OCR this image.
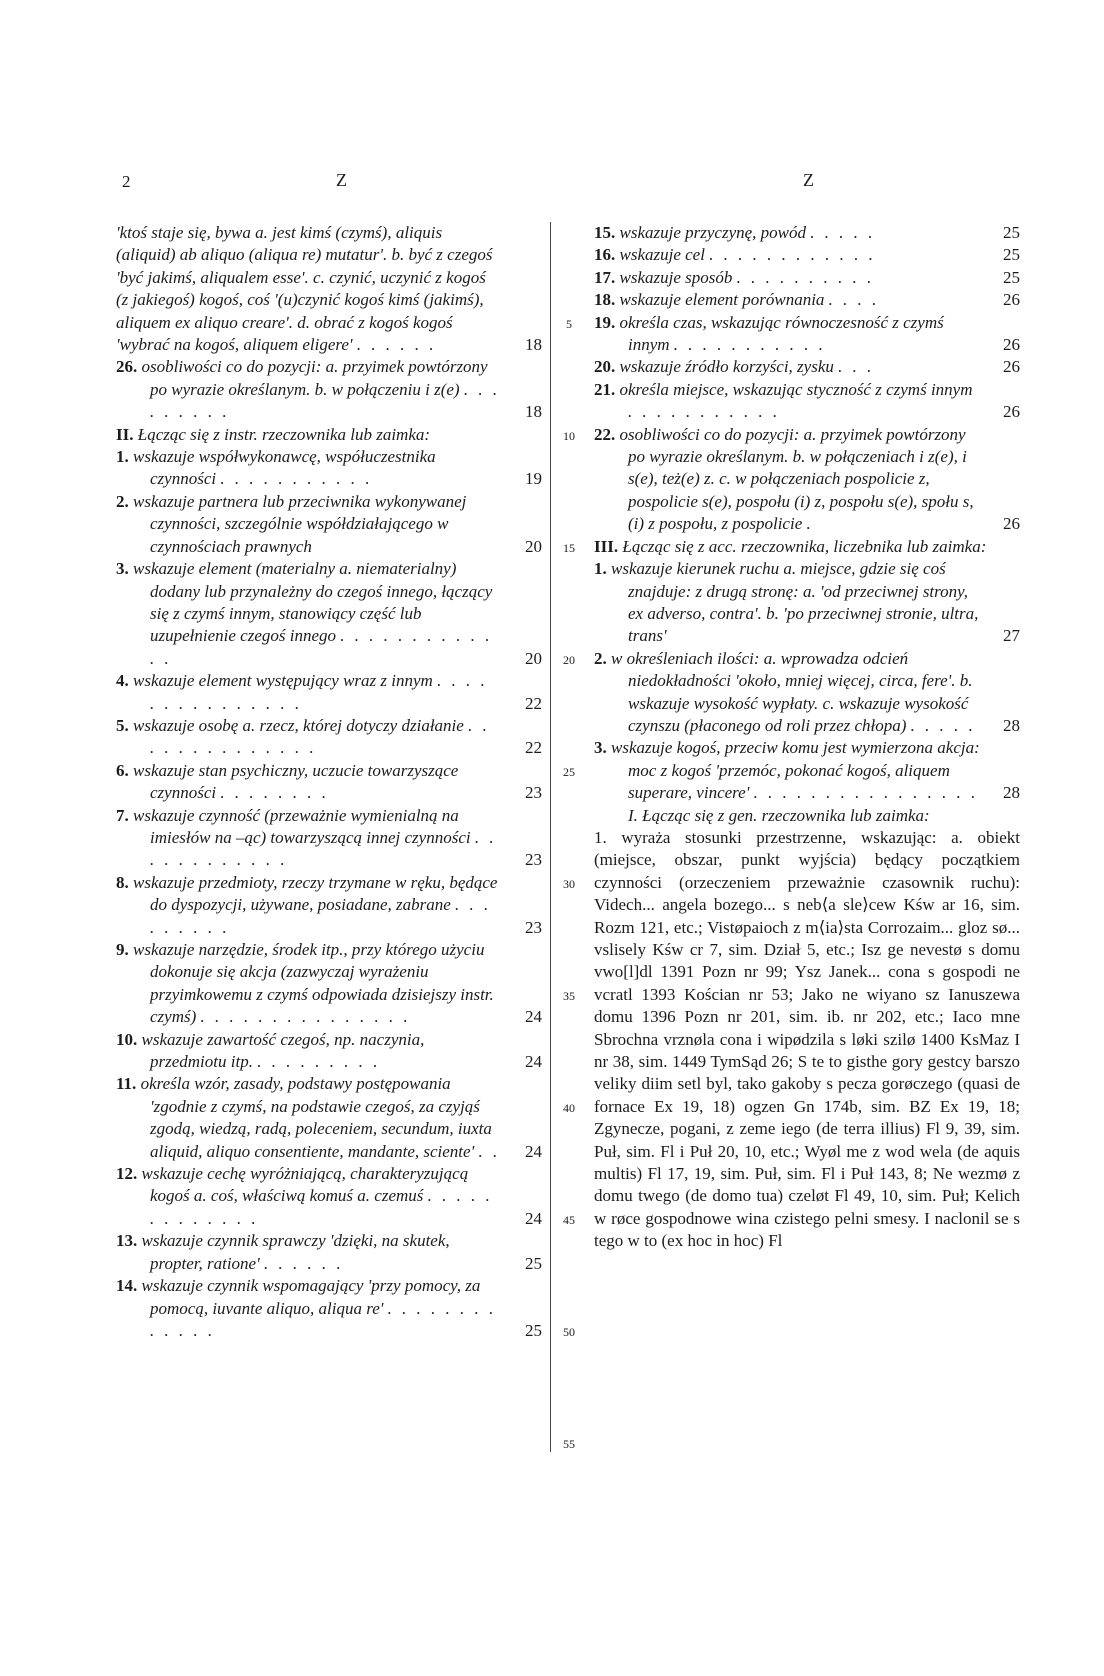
2	Z	Z

'ktoś staje się, bywa a. jest kimś (czymś), aliquis (aliquid) ab aliquo (aliqua re) mutatur'. b. być z czegoś 'być jakimś, aliqualem esse'. c. czynić, uczynić z kogoś (z jakiegoś) kogoś, coś '(u)czynić kogoś kimś (jakimś), aliquem ex aliquo creare'. d. obrać z kogoś kogoś 'wybrać na kogoś, aliquem eligere' . . . . . .	18

26. osobliwości co do pozycji: a. przyimek powtórzony po wyrazie określanym. b. w połączeniu i z(e) . . . . . . . . .	18

II. Łącząc się z instr. rzeczownika lub zaimka:

1. wskazuje współwykonawcę, współuczestnika czynności . . . . . . . . . . .	19

2. wskazuje partnera lub przeciwnika wykonywanej czynności, szczególnie współdziałającego w czynnościach prawnych	20

3. wskazuje element (materialny a. niematerialny) dodany lub przynależny do czegoś innego, łączący się z czymś innym, stanowiący część lub uzupełnienie czegoś innego . . . . . . . . . . . . .	20

4. wskazuje element występujący wraz z innym . . . . . . . . . . . . . . .	22

5. wskazuje osobę a. rzecz, której dotyczy działanie . . . . . . . . . . . . . .	22

6. wskazuje stan psychiczny, uczucie towarzyszące czynności . . . . . . . .	23

7. wskazuje czynność (przeważnie wymienialną na imiesłów na –ąc) towarzyszącą innej czynności . . . . . . . . . . . .	23

8. wskazuje przedmioty, rzeczy trzymane w ręku, będące do dyspozycji, używane, posiadane, zabrane . . . . . . . . .	23

9. wskazuje narzędzie, środek itp., przy którego użyciu dokonuje się akcja (zazwyczaj wyrażeniu przyimkowemu z czymś odpowiada dzisiejszy instr. czymś) . . . . . . . . . . . . . . .	24

10. wskazuje zawartość czegoś, np. naczynia, przedmiotu itp. . . . . . . . . .	24

11. określa wzór, zasady, podstawy postępowania 'zgodnie z czymś, na podstawie czegoś, za czyjąś zgodą, wiedzą, radą, poleceniem, secundum, iuxta aliquid, aliquo consentiente, mandante, sciente' . .	24

12. wskazuje cechę wyróżniającą, charakteryzującą kogoś a. coś, właściwą komuś a. czemuś . . . . . . . . . . . . .	24

13. wskazuje czynnik sprawczy 'dzięki, na skutek, propter, ratione' . . . . . .	25

14. wskazuje czynnik wspomagający 'przy pomocy, za pomocą, iuvante aliquo, aliqua re' . . . . . . . . . . . . .	25
5
10
15
20
25
30
35
40
45
50
55

15. wskazuje przyczynę, powód . . . . .	25

16. wskazuje cel . . . . . . . . . . . .	25

17. wskazuje sposób . . . . . . . . . .	25

18. wskazuje element porównania . . . .	26

19. określa czas, wskazując równoczesność z czymś innym . . . . . . . . . . .	26

20. wskazuje źródło korzyści, zysku . . .	26

21. określa miejsce, wskazując styczność z czymś innym . . . . . . . . . . .	26

22. osobliwości co do pozycji: a. przyimek powtórzony po wyrazie określanym. b. w połączeniach i z(e), i s(e), też(e) z. c. w połączeniach pospolicie z, pospolicie s(e), pospołu (i) z, pospołu s(e), społu s, (i) z pospołu, z pospolicie .	26

III. Łącząc się z acc. rzeczownika, liczebnika lub zaimka:

1. wskazuje kierunek ruchu a. miejsce, gdzie się coś znajduje: z drugą stronę: a. 'od przeciwnej strony, ex adverso, contra'. b. 'po przeciwnej stronie, ultra, trans'	27

2. w określeniach ilości: a. wprowadza odcień niedokładności 'około, mniej więcej, circa, fere'. b. wskazuje wysokość wypłaty. c. wskazuje wysokość czynszu (płaconego od roli przez chłopa) . . . . .	28

3. wskazuje kogoś, przeciw komu jest wymierzona akcja: moc z kogoś 'przemóc, pokonać kogoś, aliquem superare, vincere' . . . . . . . . . . . . . . . .	28

I. Łącząc się z gen. rzeczownika lub zaimka:

1. wyraża stosunki przestrzenne, wskazując: a. obiekt (miejsce, obszar, punkt wyjścia) będący początkiem czynności (orzeczeniem przeważnie czasownik ruchu): Videch... angela bozego... s neb⟨a sle⟩cew Kśw ar 16, sim. Rozm 121, etc.; Vistøpaioch z m⟨ia⟩sta Corrozaim... gloz sø... vslisely Kśw cr 7, sim. Dział 5, etc.; Isz ge nevestø s domu vwo[l]dl 1391 Pozn nr 99; Ysz Janek... cona s gospodi ne vcratl 1393 Kościan nr 53; Jako ne wiyano sz Ianuszewa domu 1396 Pozn nr 201, sim. ib. nr 202, etc.; Iaco mne Sbrochna vrznøla cona i wipødzila s løki szilø 1400 KsMaz I nr 38, sim. 1449 TymSąd 26; S te to gisthe gory gestcy barszo veliky diim setl byl, tako gakoby s pecza gorøczego (quasi de fornace Ex 19, 18) ogzen Gn 174b, sim. BZ Ex 19, 18; Zgynecze, pogani, z zeme iego (de terra illius) Fl 9, 39, sim. Puł, sim. Fl i Puł 20, 10, etc.; Wyøl me z wod wela (de aquis multis) Fl 17, 19, sim. Puł, sim. Fl i Puł 143, 8; Ne wezmø z domu twego (de domo tua) czeløt Fl 49, 10, sim. Puł; Kelich w røce gospodnowe wina czistego pelni smesy. I naclonil se s tego w to (ex hoc in hoc) Fl
